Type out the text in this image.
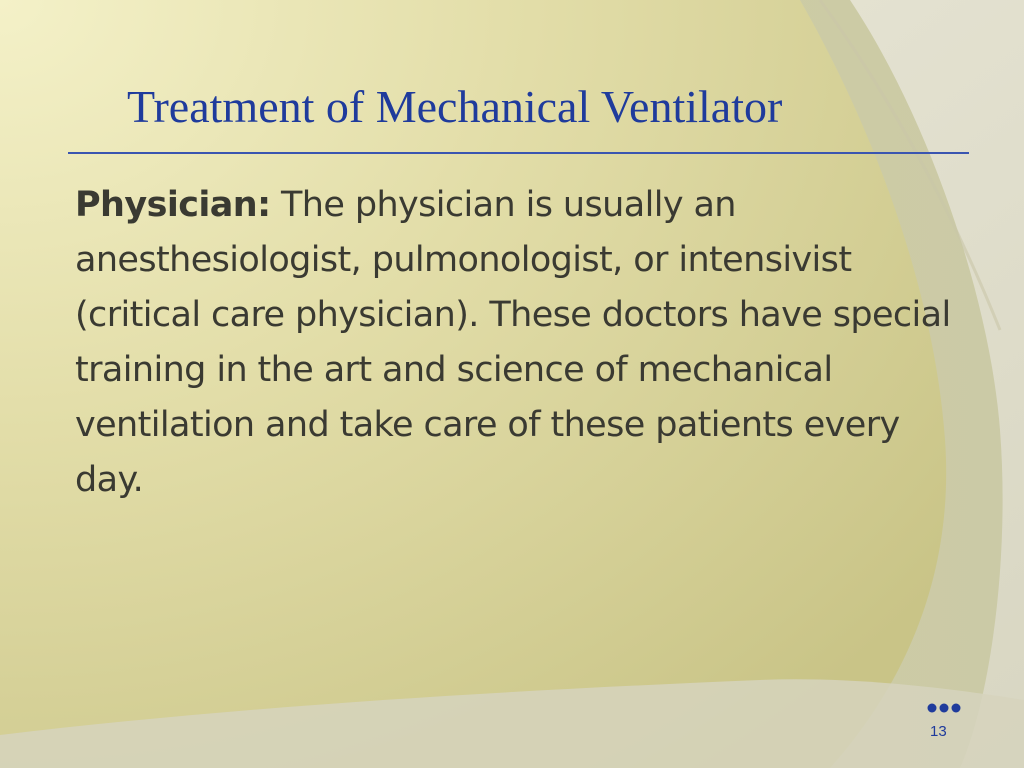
Treatment of Mechanical Ventilator
Physician: The physician is usually an anesthesiologist, pulmonologist, or intensivist (critical care physician). These doctors have special training in the art and science of mechanical ventilation and take care of these patients every day.
13
